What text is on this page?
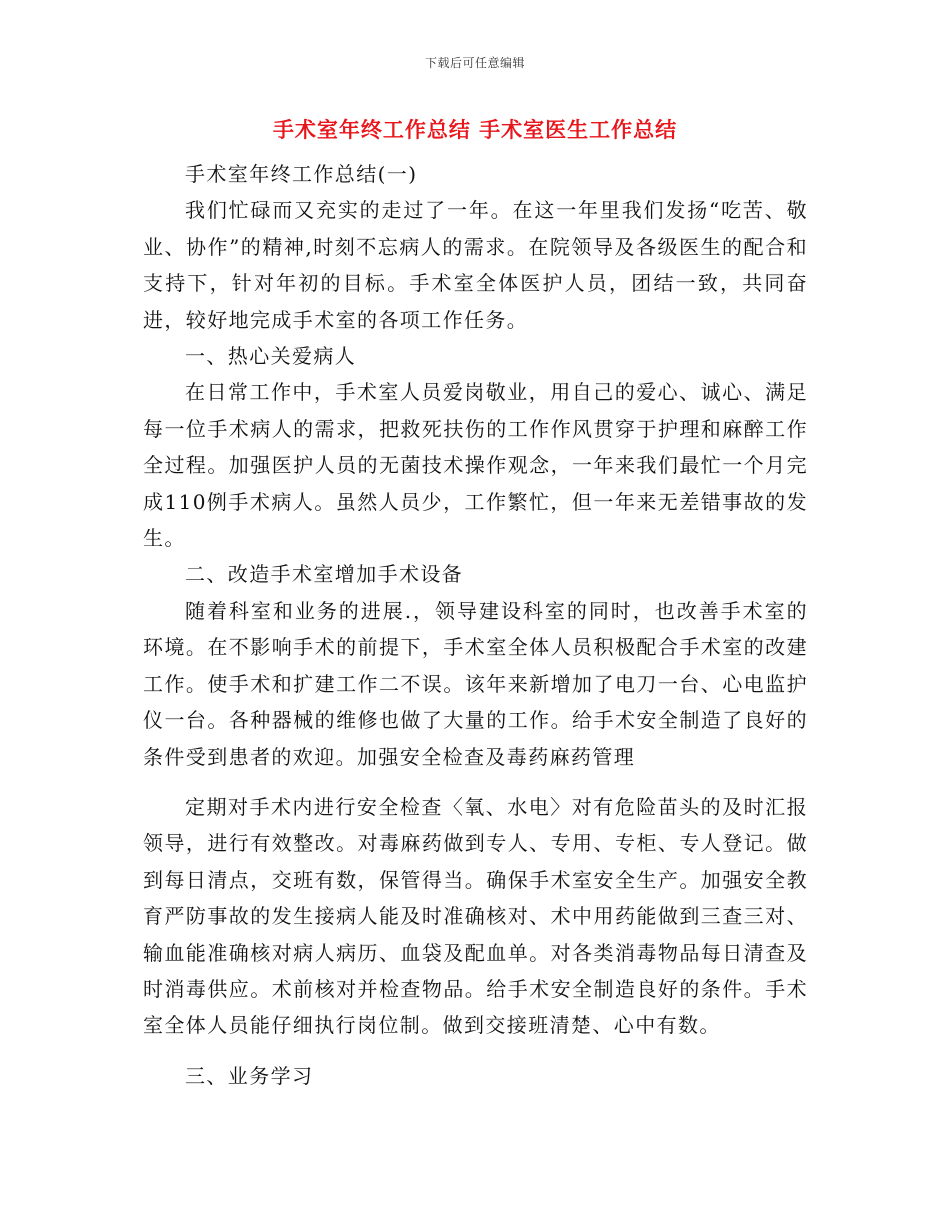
下载后可任意编辑
手术室年终工作总结 手术室医生工作总结

手术室年终工作总结(一)

我们忙碌而又充实的走过了一年。在这一年里我们发扬“吃苦、敬业、协作”的精神,时刻不忘病人的需求。在院领导及各级医生的配合和支持下，针对年初的目标。手术室全体医护人员，团结一致，共同奋进，较好地完成手术室的各项工作任务。

一、热心关爱病人

在日常工作中，手术室人员爱岗敬业，用自己的爱心、诚心、满足每一位手术病人的需求，把救死扶伤的工作作风贯穿于护理和麻醉工作全过程。加强医护人员的无菌技术操作观念，一年来我们最忙一个月完成110例手术病人。虽然人员少，工作繁忙，但一年来无差错事故的发生。

二、改造手术室增加手术设备

随着科室和业务的进展.，领导建设科室的同时，也改善手术室的环境。在不影响手术的前提下，手术室全体人员积极配合手术室的改建工作。使手术和扩建工作二不误。该年来新增加了电刀一台、心电监护仪一台。各种器械的维修也做了大量的工作。给手术安全制造了良好的条件受到患者的欢迎。加强安全检查及毒药麻药管理

定期对手术内进行安全检查〈氧、水电〉对有危险苗头的及时汇报领导，进行有效整改。对毒麻药做到专人、专用、专柜、专人登记。做到每日清点，交班有数，保管得当。确保手术室安全生产。加强安全教育严防事故的发生接病人能及时准确核对、术中用药能做到三查三对、输血能准确核对病人病历、血袋及配血单。对各类消毒物品每日清查及时消毒供应。术前核对并检查物品。给手术安全制造良好的条件。手术室全体人员能仔细执行岗位制。做到交接班清楚、心中有数。

三、业务学习
